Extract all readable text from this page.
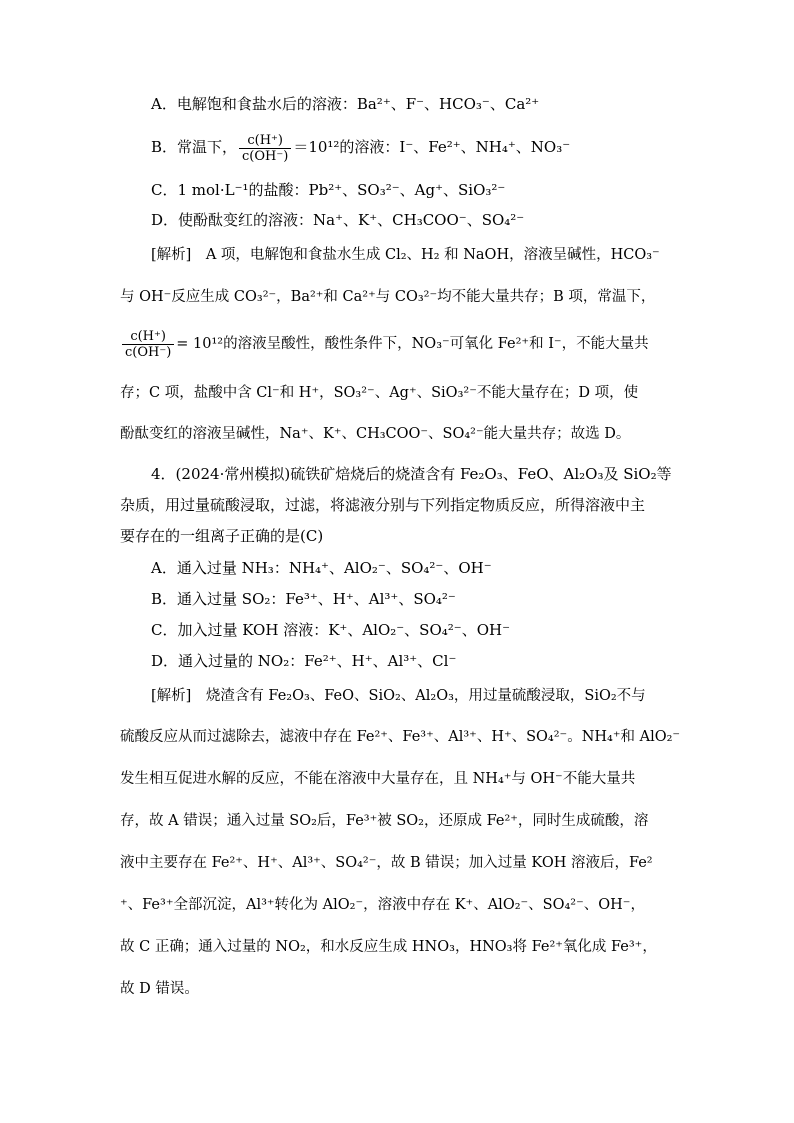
A．电解饱和食盐水后的溶液：Ba²⁺、F⁻、HCO₃⁻、Ca²⁺
B．常温下， $\frac{c(H^+)}{c(OH^-)} =10^{12}$的溶液：I⁻、Fe²⁺、NH₄⁺、NO₃⁻
C．1 mol·L⁻¹的盐酸：Pb²⁺、SO₃²⁻、Ag⁺、SiO₃²⁻
D．使酚酞变红的溶液：Na⁺、K⁺、CH₃COO⁻、SO₄²⁻
[解析]　A 项，电解饱和食盐水生成 Cl₂、H₂ 和 NaOH，溶液呈碱性，HCO₃⁻
与 OH⁻反应生成 CO₃²⁻，Ba²⁺和 Ca²⁺与 CO₃²⁻均不能大量共存；B 项，常温下，
$\frac{c(H^+)}{c(OH^-)} = 10^{12}$的溶液呈酸性，酸性条件下，NO₃⁻可氧化 Fe²⁺和 I⁻，不能大量共
存；C 项，盐酸中含 Cl⁻和 H⁺，SO₃²⁻、Ag⁺、SiO₃²⁻不能大量存在；D 项，使
酚酞变红的溶液呈碱性，Na⁺、K⁺、CH₃COO⁻、SO₄²⁻能大量共存；故选 D。
4．(2024·常州模拟)硫铁矿焙烧后的烧渣含有 Fe₂O₃、FeO、Al₂O₃及 SiO₂等
杂质，用过量硫酸浸取，过滤，将滤液分别与下列指定物质反应，所得溶液中主
要存在的一组离子正确的是(C)
A．通入过量 NH₃：NH₄⁺、AlO₂⁻、SO₄²⁻、OH⁻
B．通入过量 SO₂：Fe³⁺、H⁺、Al³⁺、SO₄²⁻
C．加入过量 KOH 溶液：K⁺、AlO₂⁻、SO₄²⁻、OH⁻
D．通入过量的 NO₂：Fe²⁺、H⁺、Al³⁺、Cl⁻
[解析]　烧渣含有 Fe₂O₃、FeO、SiO₂、Al₂O₃，用过量硫酸浸取，SiO₂不与
硫酸反应从而过滤除去，滤液中存在 Fe²⁺、Fe³⁺、Al³⁺、H⁺、SO₄²⁻。NH₄⁺和 AlO₂⁻
发生相互促进水解的反应，不能在溶液中大量存在，且 NH₄⁺与 OH⁻不能大量共
存，故 A 错误；通入过量 SO₂后，Fe³⁺被 SO₂，还原成 Fe²⁺，同时生成硫酸，溶
液中主要存在 Fe²⁺、H⁺、Al³⁺、SO₄²⁻，故 B 错误；加入过量 KOH 溶液后，Fe²
⁺、Fe³⁺全部沉淀，Al³⁺转化为 AlO₂⁻，溶液中存在 K⁺、AlO₂⁻、SO₄²⁻、OH⁻，
故 C 正确；通入过量的 NO₂，和水反应生成 HNO₃，HNO₃将 Fe²⁺氧化成 Fe³⁺，
故 D 错误。
